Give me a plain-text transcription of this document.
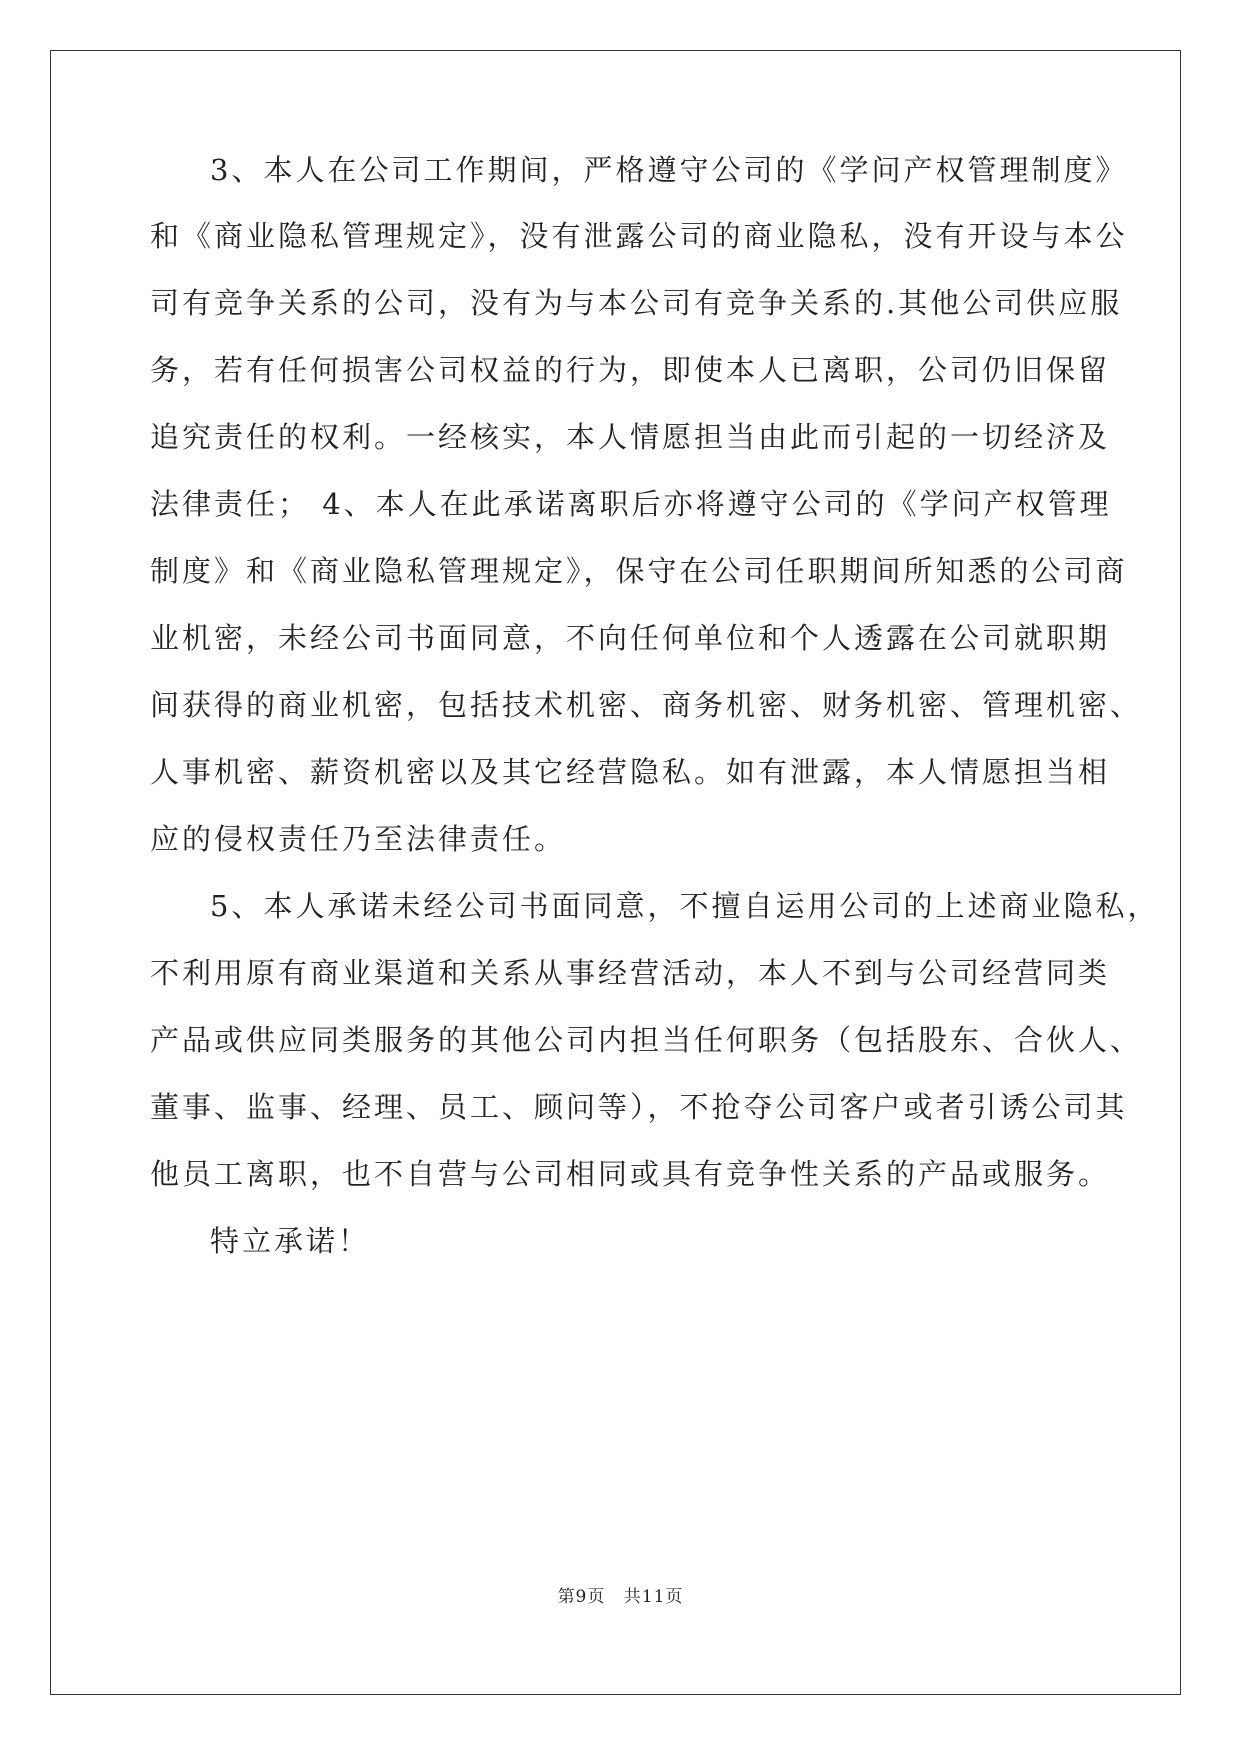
3、本人在公司工作期间，严格遵守公司的《学问产权管理制度》
和《商业隐私管理规定》，没有泄露公司的商业隐私，没有开设与本公
司有竞争关系的公司，没有为与本公司有竞争关系的.其他公司供应服
务，若有任何损害公司权益的行为，即使本人已离职，公司仍旧保留
追究责任的权利。一经核实，本人情愿担当由此而引起的一切经济及
法律责任； 4、本人在此承诺离职后亦将遵守公司的《学问产权管理
制度》和《商业隐私管理规定》，保守在公司任职期间所知悉的公司商
业机密，未经公司书面同意，不向任何单位和个人透露在公司就职期
间获得的商业机密，包括技术机密、商务机密、财务机密、管理机密、
人事机密、薪资机密以及其它经营隐私。如有泄露，本人情愿担当相
应的侵权责任乃至法律责任。
5、本人承诺未经公司书面同意，不擅自运用公司的上述商业隐私，
不利用原有商业渠道和关系从事经营活动，本人不到与公司经营同类
产品或供应同类服务的其他公司内担当任何职务（包括股东、合伙人、
董事、监事、经理、员工、顾问等），不抢夺公司客户或者引诱公司其
他员工离职，也不自营与公司相同或具有竞争性关系的产品或服务。
特立承诺！
第9页 共11页
